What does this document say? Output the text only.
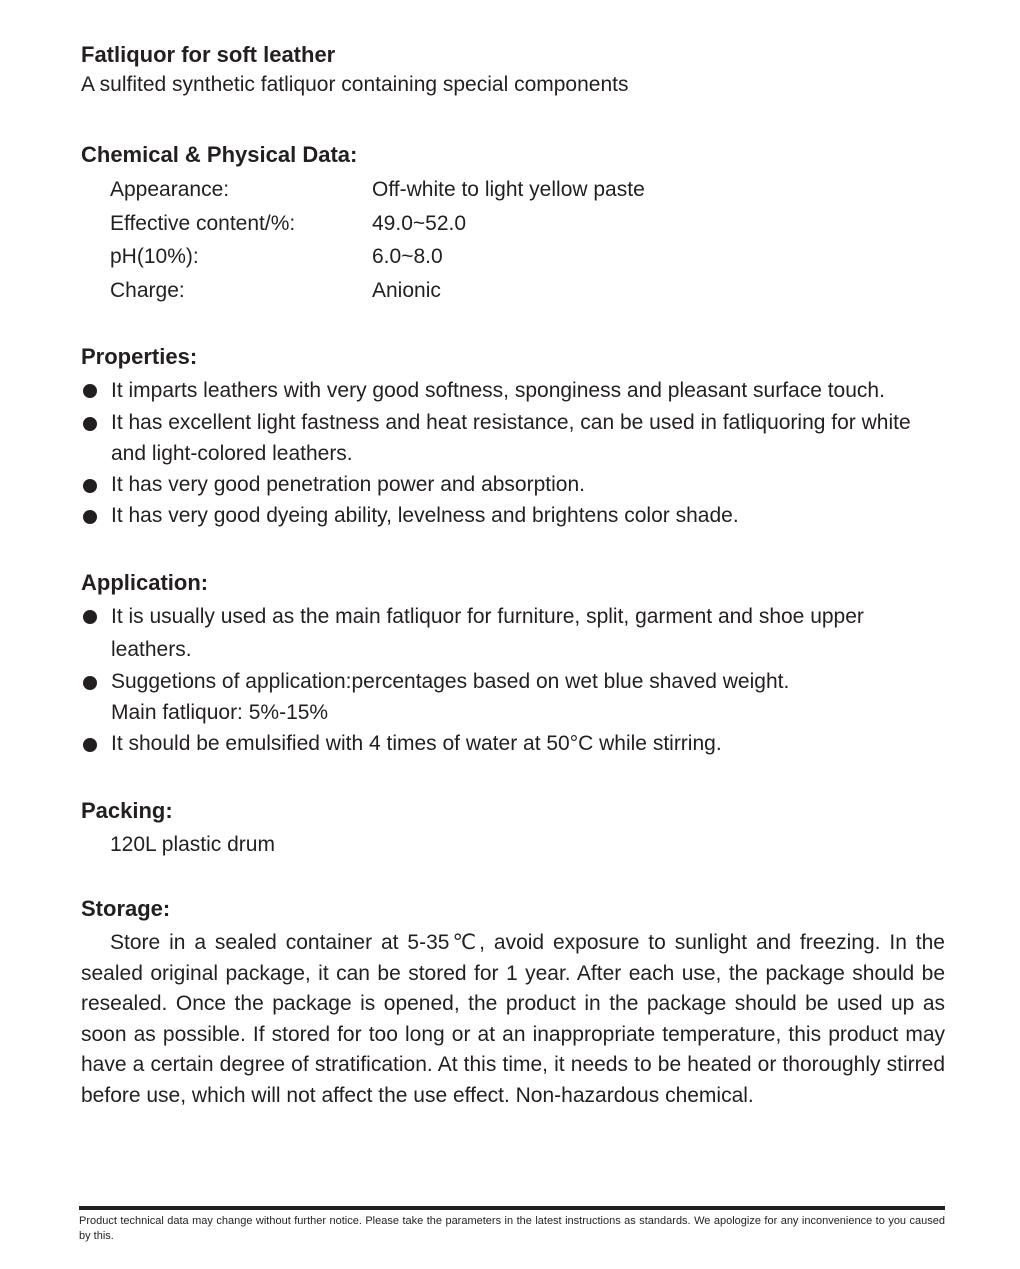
Fatliquor for soft leather

A sulfited synthetic fatliquor containing special components

Chemical & Physical Data:
Appearance:	Off-white to light yellow paste
Effective content/%:	49.0~52.0
pH(10%):	6.0~8.0
Charge:	Anionic
Properties:
It imparts leathers with very good softness, sponginess and pleasant surface touch.
It has excellent light fastness and heat resistance, can be used in fatliquoring for white and light-colored leathers.
It has very good penetration power and absorption.
It has very good dyeing ability, levelness and brightens color shade.
Application:
It is usually used as the main fatliquor for furniture, split, garment and shoe upper leathers.
Suggetions of application:percentages based on wet blue shaved weight.
Main fatliquor: 5%-15%
It should be emulsified with 4 times of water at 50°C while stirring.
Packing:

120L plastic drum

Storage:

Store in a sealed container at 5-35℃, avoid exposure to sunlight and freezing. In the sealed original package, it can be stored for 1 year. After each use, the package should be resealed. Once the package is opened, the product in the package should be used up as soon as possible. If stored for too long or at an inappropriate temperature, this product may have a certain degree of stratification. At this time, it needs to be heated or thoroughly stirred before use, which will not affect the use effect. Non-hazardous chemical.

Product technical data may change without further notice. Please take the parameters in the latest instructions as standards. We apologize for any inconvenience to you caused by this.
